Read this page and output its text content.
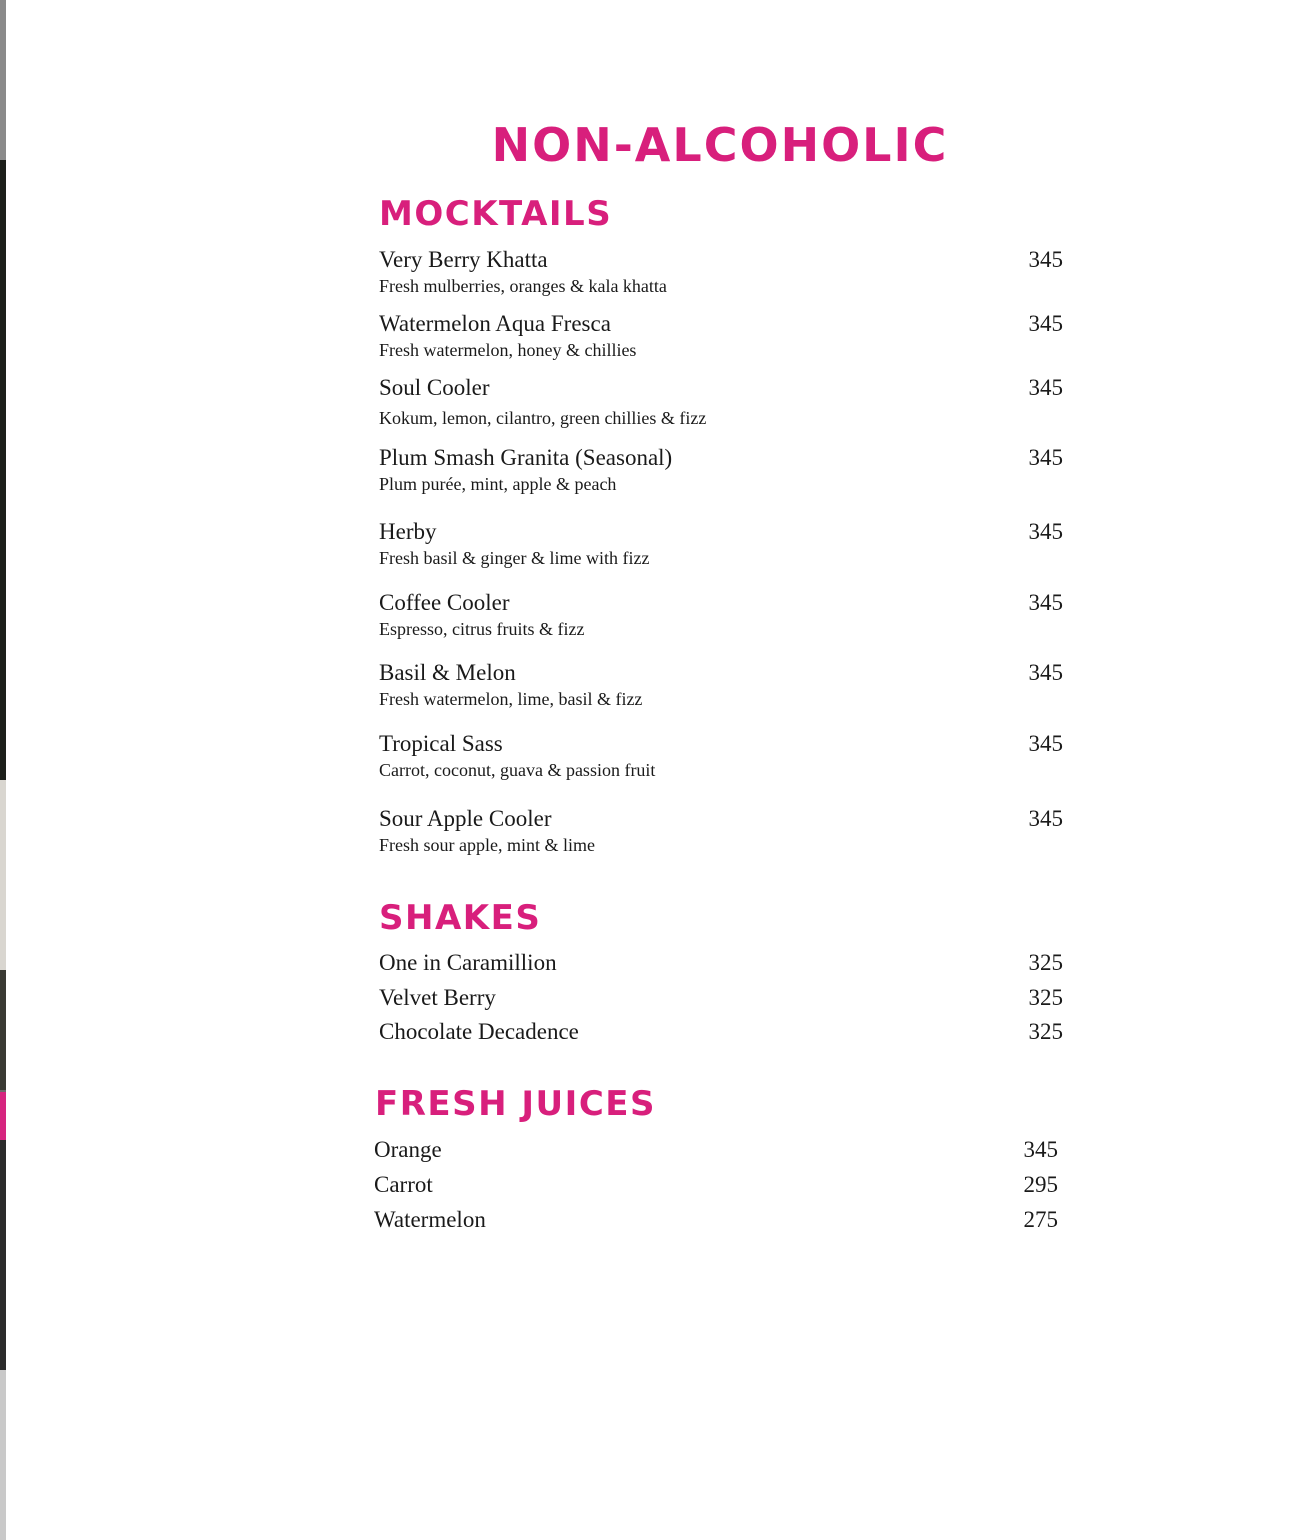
NON-ALCOHOLIC
MOCKTAILS
Very Berry Khatta
Fresh mulberries, oranges & kala khatta
345
Watermelon Aqua Fresca
Fresh watermelon, honey & chillies
345
Soul Cooler
Kokum, lemon, cilantro, green chillies & fizz
345
Plum Smash Granita (Seasonal)
Plum purée, mint, apple & peach
345
Herby
Fresh basil & ginger & lime with fizz
345
Coffee Cooler
Espresso, citrus fruits & fizz
345
Basil & Melon
Fresh watermelon, lime, basil & fizz
345
Tropical Sass
Carrot, coconut, guava & passion fruit
345
Sour Apple Cooler
Fresh sour apple, mint & lime
345
SHAKES
One in Caramillion	325
Velvet Berry	325
Chocolate Decadence	325
FRESH JUICES
Orange	345
Carrot	295
Watermelon	275
